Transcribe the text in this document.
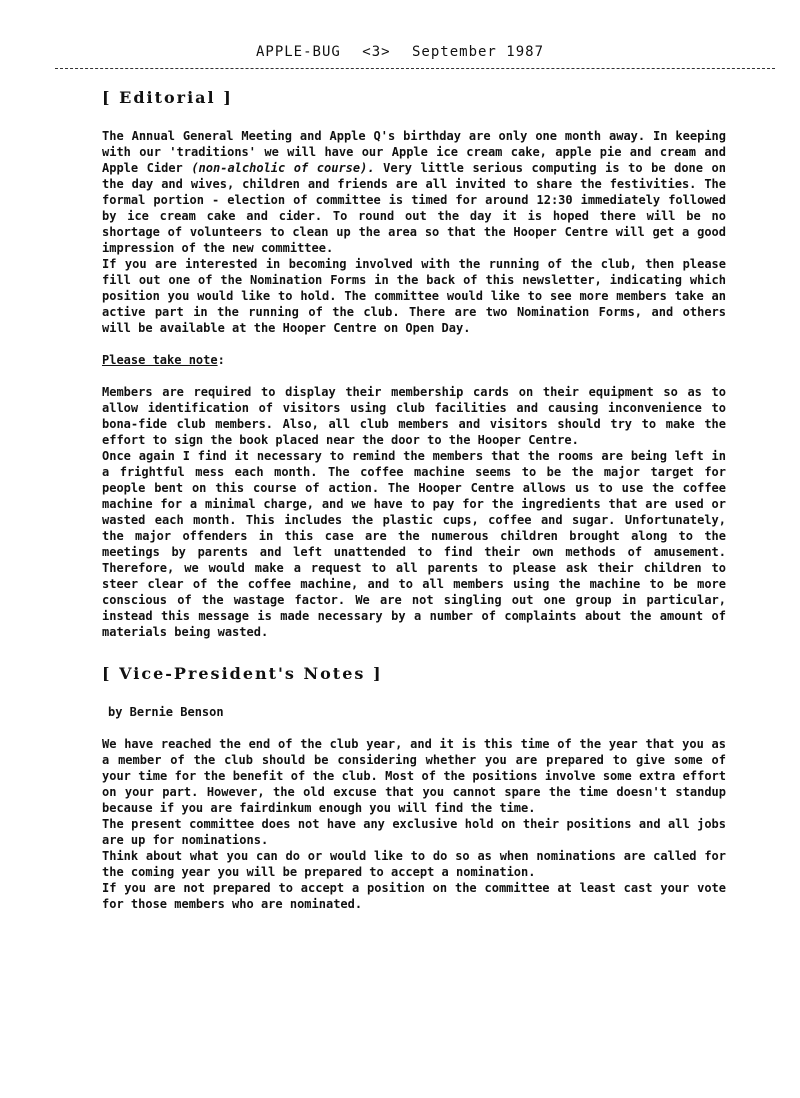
APPLE-BUG <3> September 1987
[ Editorial ]

The Annual General Meeting and Apple Q's birthday are only one month away. In keeping with our 'traditions' we will have our Apple ice cream cake, apple pie and cream and Apple Cider (non-alcholic of course). Very little serious computing is to be done on the day and wives, children and friends are all invited to share the festivities. The formal portion - election of committee is timed for around 12:30 immediately followed by ice cream cake and cider. To round out the day it is hoped there will be no shortage of volunteers to clean up the area so that the Hooper Centre will get a good impression of the new committee.

If you are interested in becoming involved with the running of the club, then please fill out one of the Nomination Forms in the back of this newsletter, indicating which position you would like to hold. The committee would like to see more members take an active part in the running of the club. There are two Nomination Forms, and others will be available at the Hooper Centre on Open Day.

Please take note:

Members are required to display their membership cards on their equipment so as to allow identification of visitors using club facilities and causing inconvenience to bona-fide club members. Also, all club members and visitors should try to make the effort to sign the book placed near the door to the Hooper Centre.

Once again I find it necessary to remind the members that the rooms are being left in a frightful mess each month. The coffee machine seems to be the major target for people bent on this course of action. The Hooper Centre allows us to use the coffee machine for a minimal charge, and we have to pay for the ingredients that are used or wasted each month. This includes the plastic cups, coffee and sugar. Unfortunately, the major offenders in this case are the numerous children brought along to the meetings by parents and left unattended to find their own methods of amusement. Therefore, we would make a request to all parents to please ask their children to steer clear of the coffee machine, and to all members using the machine to be more conscious of the wastage factor. We are not singling out one group in particular, instead this message is made necessary by a number of complaints about the amount of materials being wasted.

[ Vice-President's Notes ]

by Bernie Benson

We have reached the end of the club year, and it is this time of the year that you as a member of the club should be considering whether you are prepared to give some of your time for the benefit of the club. Most of the positions involve some extra effort on your part. However, the old excuse that you cannot spare the time doesn't standup because if you are fairdinkum enough you will find the time.

The present committee does not have any exclusive hold on their positions and all jobs are up for nominations.

Think about what you can do or would like to do so as when nominations are called for the coming year you will be prepared to accept a nomination.

If you are not prepared to accept a position on the committee at least cast your vote for those members who are nominated.
